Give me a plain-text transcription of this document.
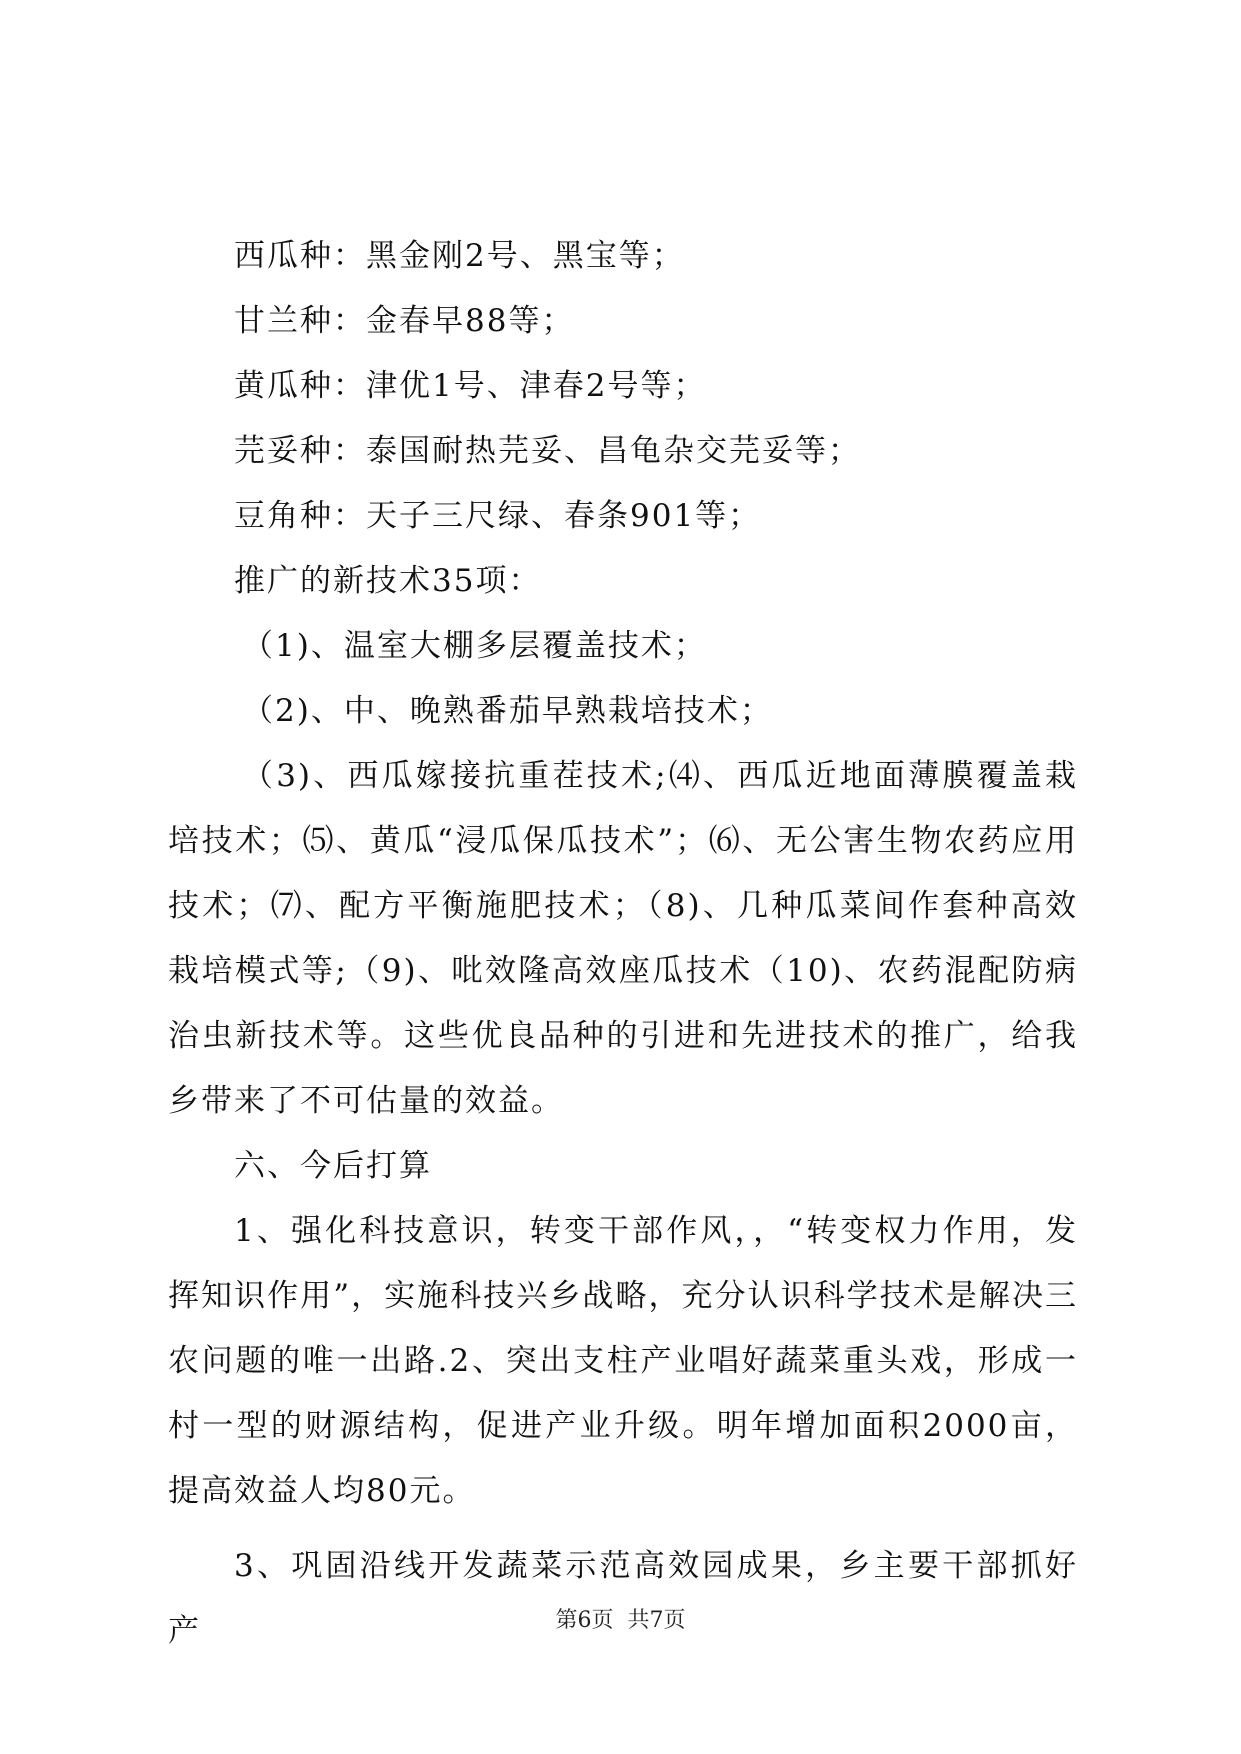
西瓜种：黑金刚2号、黑宝等；

甘兰种：金春早88等；

黄瓜种：津优1号、津春2号等；

芫妥种：泰国耐热芫妥、昌龟杂交芫妥等；

豆角种：天子三尺绿、春条901等；

推广的新技术35项：

（1)、温室大棚多层覆盖技术；

（2)、中、晚熟番茄早熟栽培技术；

（3)、西瓜嫁接抗重茬技术;⑷、西瓜近地面薄膜覆盖栽培技术；⑸、黄瓜“浸瓜保瓜技术”；⑹、无公害生物农药应用技术；⑺、配方平衡施肥技术；（8)、几种瓜菜间作套种高效栽培模式等;（9)、吡效隆高效座瓜技术（10)、农药混配防病治虫新技术等。这些优良品种的引进和先进技术的推广，给我乡带来了不可估量的效益。

六、今后打算

1、强化科技意识，转变干部作风，，“转变权力作用，发挥知识作用”，实施科技兴乡战略，充分认识科学技术是解决三农问题的唯一出路.2、突出支柱产业唱好蔬菜重头戏，形成一村一型的财源结构，促进产业升级。明年增加面积2000亩，提高效益人均80元。

3、巩固沿线开发蔬菜示范高效园成果，乡主要干部抓好产	第6页  共7页
